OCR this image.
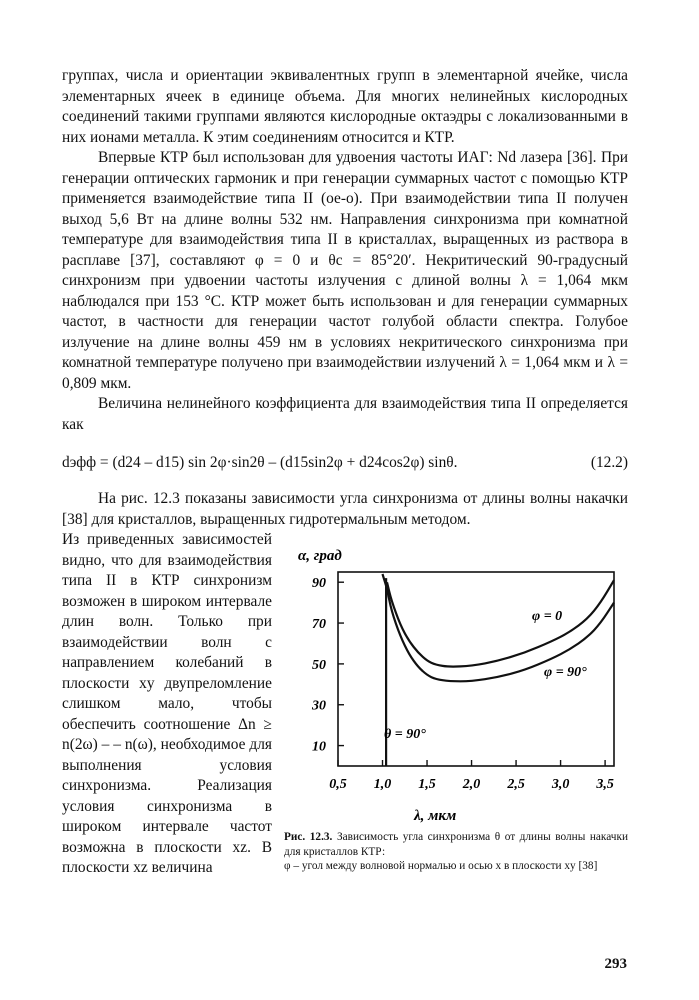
группах, числа и ориентации эквивалентных групп в элементарной ячейке, числа элементарных ячеек в единице объема. Для многих нелинейных кислородных соединений такими группами являются кислородные октаэдры с локализованными в них ионами металла. К этим соединениям относится и КТР.

Впервые КТР был использован для удвоения частоты ИАГ: Nd лазера [36]. При генерации оптических гармоник и при генерации суммарных частот с помощью КТР применяется взаимодействие типа II (ое-о). При взаимодействии типа II получен выход 5,6 Вт на длине волны 532 нм. Направления синхронизма при комнатной температуре для взаимодействия типа II в кристаллах, выращенных из раствора в расплаве [37], составляют φ = 0 и θс = 85°20′. Некритический 90-градусный синхронизм при удвоении частоты излучения с длиной волны λ = 1,064 мкм наблюдался при 153 °С. КТР может быть использован и для генерации суммарных частот, в частности для генерации частот голубой области спектра. Голубое излучение на длине волны 459 нм в условиях некритического синхронизма при комнатной температуре получено при взаимодействии излучений λ = 1,064 мкм и λ = 0,809 мкм.

Величина нелинейного коэффициента для взаимодействия типа II определяется как

dэфф = (d24 – d15) sin 2φ·sin2θ – (d15sin2φ + d24cos2φ) sinθ.	(12.2)

На рис. 12.3 показаны зависимости угла синхронизма от длины волны накачки [38] для кристаллов, выращенных гидротермальным методом.

Из приведенных зависимостей видно, что для взаимодействия типа II в КТР синхронизм возможен в широком интервале длин волн. Только при взаимодействии волн с направлением колебаний в плоскости xy двупреломление слишком мало, чтобы обеспечить соотношение Δn ≥ n(2ω) – – n(ω), необходимое для выполнения условия синхронизма. Реализация условия синхронизма в широком интервале частот возможна в плоскости xz. В плоскости xz величина

0,5 1,0 1,5 2,0 2,5 3,0 3,5
10
30
50
70
90
α, град
λ, мкм
φ = 0
φ = 90°
θ = 90°
Рис. 12.3. Зависимость угла синхронизма θ от длины волны накачки для кристаллов КТР:
φ – угол между волновой нормалью и осью x в плоскости xy [38]
293
